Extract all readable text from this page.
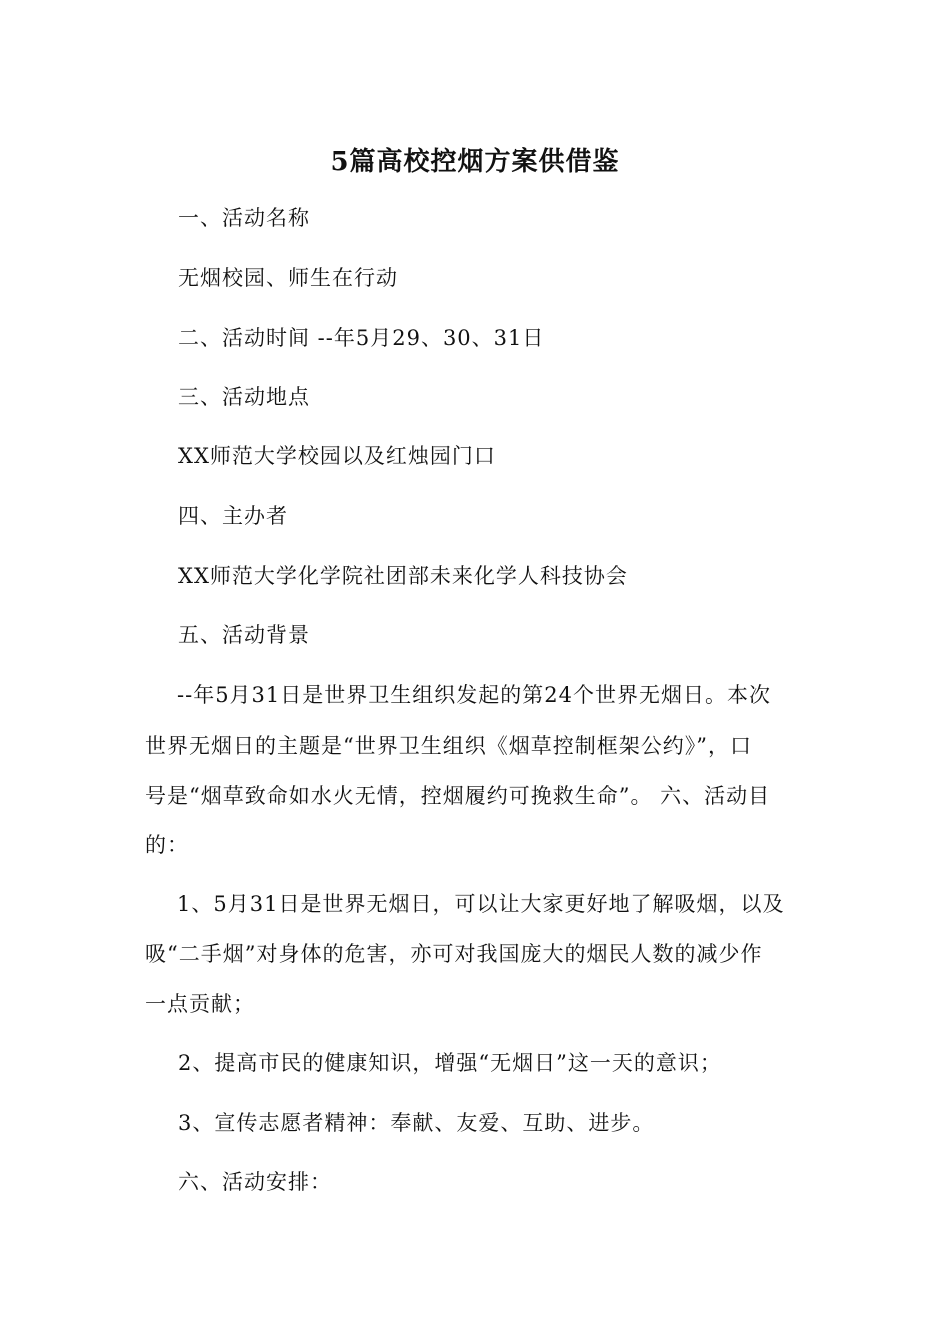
5篇高校控烟方案供借鉴
一、活动名称
无烟校园、师生在行动
二、活动时间 --年5月29、30、31日
三、活动地点
XX师范大学校园以及红烛园门口
四、主办者
XX师范大学化学院社团部未来化学人科技协会
五、活动背景
--年5月31日是世界卫生组织发起的第24个世界无烟日。本次
世界无烟日的主题是“世界卫生组织《烟草控制框架公约》”，口
号是“烟草致命如水火无情，控烟履约可挽救生命”。 六、活动目
的：
1、5月31日是世界无烟日，可以让大家更好地了解吸烟，以及
吸“二手烟”对身体的危害，亦可对我国庞大的烟民人数的减少作
一点贡献；
2、提高市民的健康知识，增强“无烟日”这一天的意识；
3、宣传志愿者精神：奉献、友爱、互助、进步。
六、活动安排：
